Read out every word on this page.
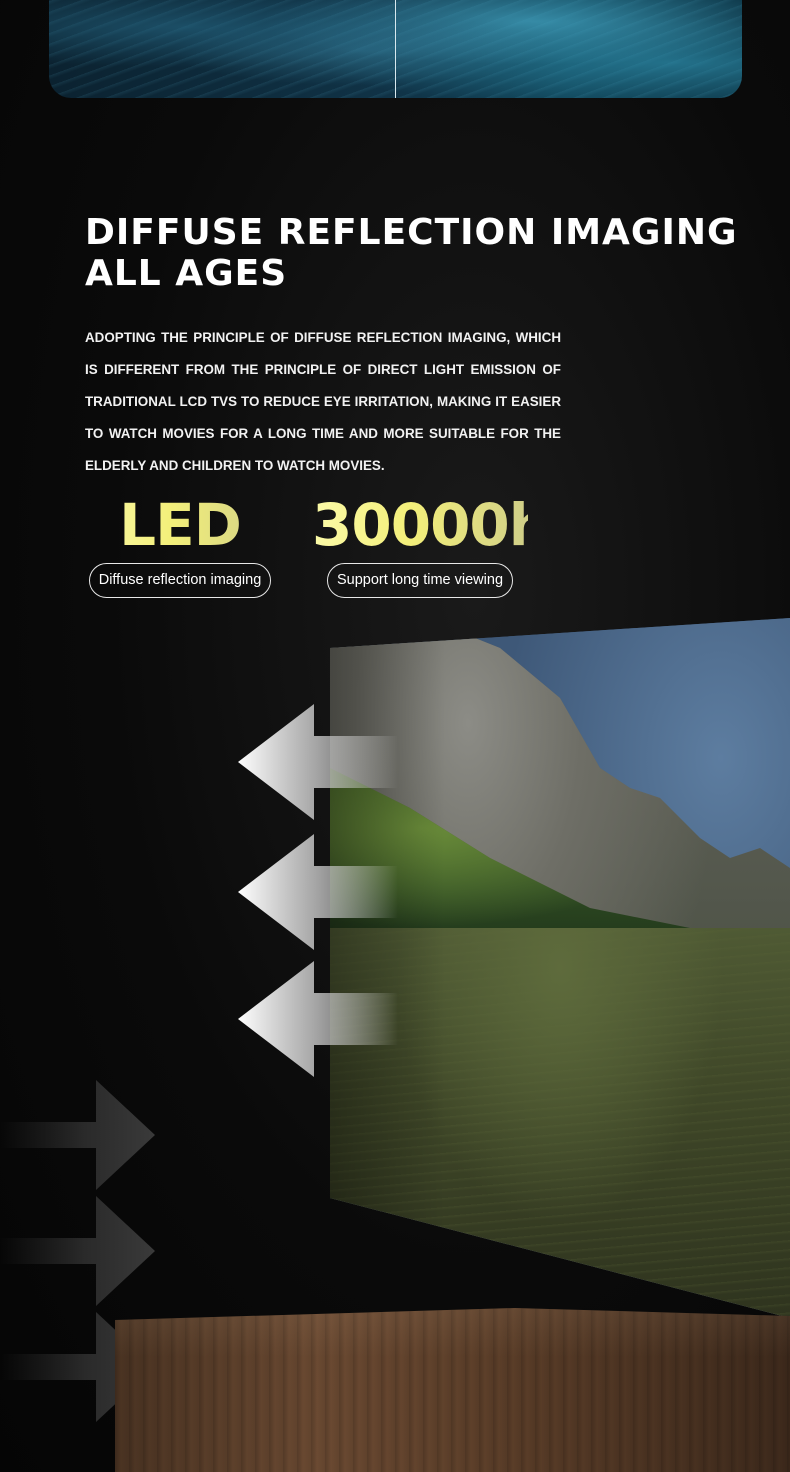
DIFFUSE REFLECTION IMAGING
ALL AGES

ADOPTING THE PRINCIPLE OF DIFFUSE REFLECTION IMAGING, WHICH IS DIFFERENT FROM THE PRINCIPLE OF DIRECT LIGHT EMISSION OF TRADITIONAL LCD TVS TO REDUCE EYE IRRITATION, MAKING IT EASIER TO WATCH MOVIES FOR A LONG TIME AND MORE SUITABLE FOR THE ELDERLY AND CHILDREN TO WATCH MOVIES.

LED
Diffuse reflection imaging
30000h
Support long time viewing
